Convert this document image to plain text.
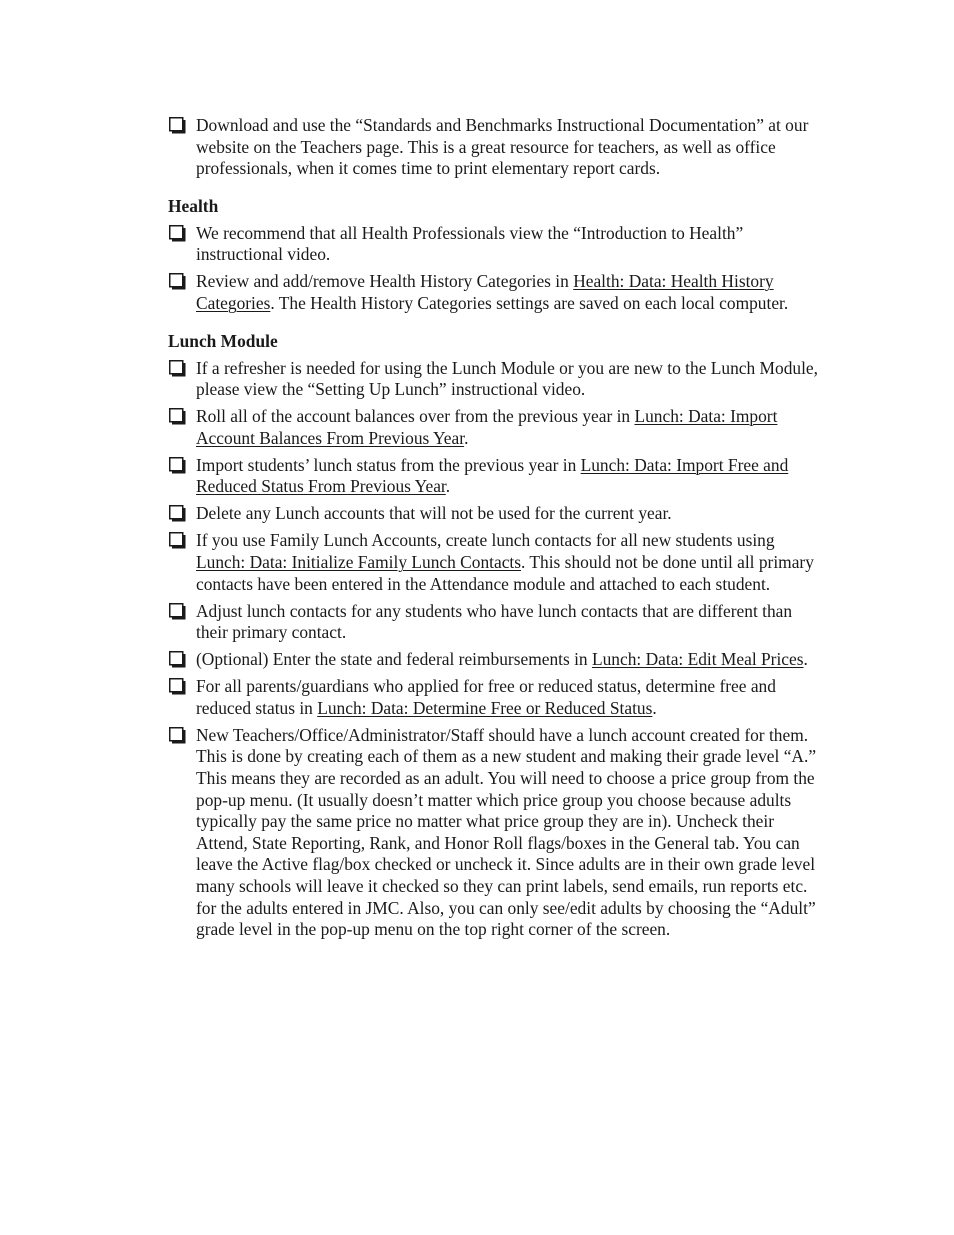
Download and use the “Standards and Benchmarks Instructional Documentation” at our website on the Teachers page. This is a great resource for teachers, as well as office professionals, when it comes time to print elementary report cards.
Health
We recommend that all Health Professionals view the “Introduction to Health” instructional video.
Review and add/remove Health History Categories in Health: Data: Health History Categories. The Health History Categories settings are saved on each local computer.
Lunch Module
If a refresher is needed for using the Lunch Module or you are new to the Lunch Module, please view the “Setting Up Lunch” instructional video.
Roll all of the account balances over from the previous year in Lunch: Data: Import Account Balances From Previous Year.
Import students’ lunch status from the previous year in Lunch: Data: Import Free and Reduced Status From Previous Year.
Delete any Lunch accounts that will not be used for the current year.
If you use Family Lunch Accounts, create lunch contacts for all new students using Lunch: Data: Initialize Family Lunch Contacts. This should not be done until all primary contacts have been entered in the Attendance module and attached to each student.
Adjust lunch contacts for any students who have lunch contacts that are different than their primary contact.
(Optional) Enter the state and federal reimbursements in Lunch: Data: Edit Meal Prices.
For all parents/guardians who applied for free or reduced status, determine free and reduced status in Lunch: Data: Determine Free or Reduced Status.
New Teachers/Office/Administrator/Staff should have a lunch account created for them. This is done by creating each of them as a new student and making their grade level “A.” This means they are recorded as an adult. You will need to choose a price group from the pop-up menu. (It usually doesn’t matter which price group you choose because adults typically pay the same price no matter what price group they are in). Uncheck their Attend, State Reporting, Rank, and Honor Roll flags/boxes in the General tab. You can leave the Active flag/box checked or uncheck it. Since adults are in their own grade level many schools will leave it checked so they can print labels, send emails, run reports etc. for the adults entered in JMC. Also, you can only see/edit adults by choosing the “Adult” grade level in the pop-up menu on the top right corner of the screen.
